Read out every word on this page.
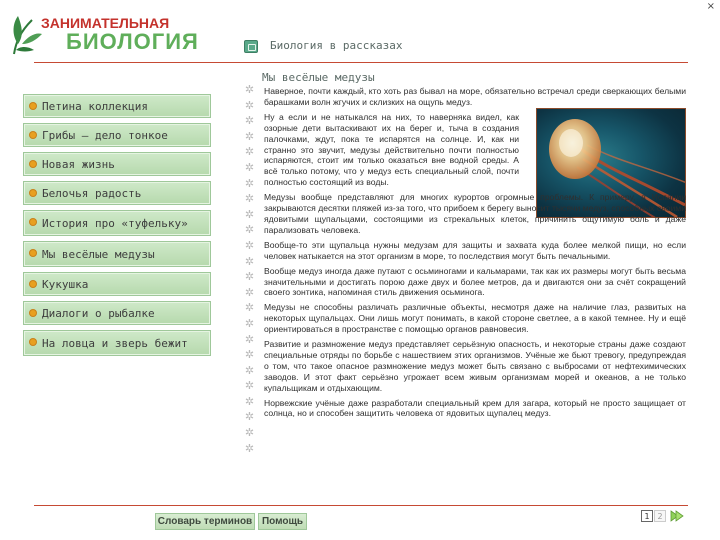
×
ЗАНИМАТЕЛЬНАЯ
БИОЛОГИЯ	Биология в рассказах
Петина коллекция
Грибы – дело тонкое
Новая жизнь
Белочья радость
История про «туфельку»
Мы весёлые медузы
Кукушка
Диалоги о рыбалке
На ловца и зверь бежит
Мы весёлые медузы
✲
✲
✲
✲
✲
✲
✲
✲
✲
✲
✲
✲
✲
✲
✲
✲
✲
✲
✲
✲
✲
✲
✲
✲

Наверное, почти каждый, кто хоть раз бывал на море, обязательно встречал среди сверкающих белыми барашками волн жгучих и склизких на ощупь медуз.

Ну а если и не натыкался на них, то наверняка видел, как озорные дети вытаскивают их на берег и, тыча в создания палочками, ждут, пока те испарятся на солнце. И, как ни странно это звучит, медузы действительно почти полностью испаряются, стоит им только оказаться вне водной среды. А всё только потому, что у медуз есть специальный слой, почти полностью состоящий из воды.

Медузы вообще представляют для многих курортов огромные проблемы. К примеру, в Испании закрываются десятки пляжей из-за того, что прибоем к берегу выносит тысячи медуз, способных своими ядовитыми щупальцами, состоящими из стрекальных клеток, причинить ощутимую боль и даже парализовать человека.

Вообще-то эти щупальца нужны медузам для защиты и захвата куда более мелкой пищи, но если человек натыкается на этот организм в море, то последствия могут быть печальными.

Вообще медуз иногда даже путают с осьминогами и кальмарами, так как их размеры могут быть весьма значительными и достигать порою даже двух и более метров, да и двигаются они за счёт сокращений своего зонтика, напоминая стиль движения осьминога.

Медузы не способны различать различные объекты, несмотря даже на наличие глаз, развитых на некоторых щупальцах. Они лишь могут понимать, в какой стороне светлее, а в какой темнее. Ну и ещё ориентироваться в пространстве с помощью органов равновесия.

Развитие и размножение медуз представляет серьёзную опасность, и некоторые страны даже создают специальные отряды по борьбе с нашествием этих организмов. Учёные же бьют тревогу, предупреждая о том, что такое опасное размножение медуз может быть связано с выбросами от нефтехимических заводов. И этот факт серьёзно угрожает всем живым организмам морей и океанов, а не только купальщикам и отдыхающим.

Норвежские учёные даже разработали специальный крем для загара, который не просто защищает от солнца, но и способен защитить человека от ядовитых щупалец медуз.

Словарь терминов Помощь	1 2
